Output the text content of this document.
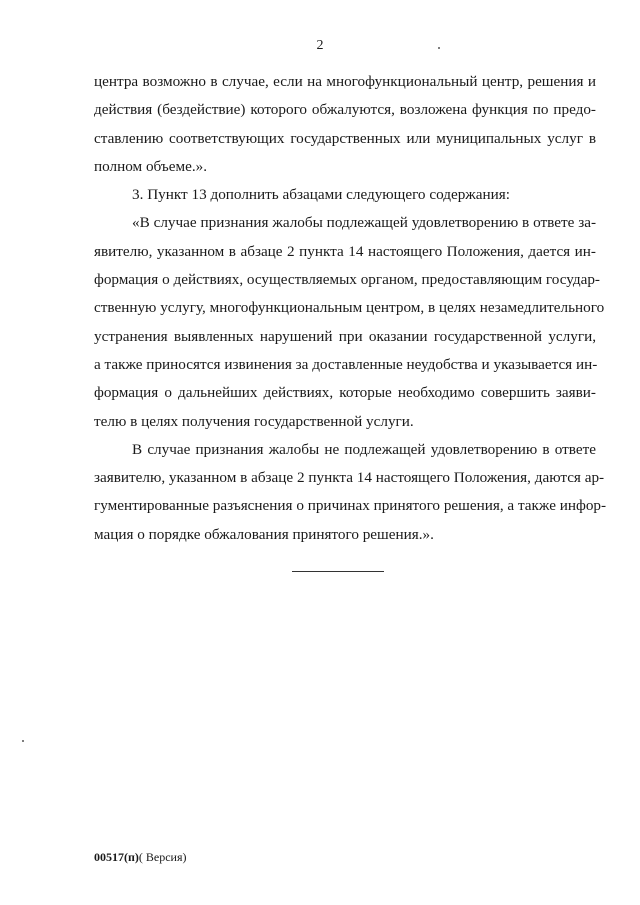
2
центра возможно в случае, если на многофункциональный центр, решения и
действия (бездействие) которого обжалуются, возложена функция по предо-
ставлению соответствующих государственных или муниципальных услуг в
полном объеме.».
3. Пункт 13 дополнить абзацами следующего содержания:
«В случае признания жалобы подлежащей удовлетворению в ответе за-
явителю, указанном в абзаце 2 пункта 14 настоящего Положения, дается ин-
формация о действиях, осуществляемых органом, предоставляющим государ-
ственную услугу, многофункциональным центром, в целях незамедлительного
устранения выявленных нарушений при оказании государственной услуги,
а также приносятся извинения за доставленные неудобства и указывается ин-
формация о дальнейших действиях, которые необходимо совершить заяви-
телю в целях получения государственной услуги.
В случае признания жалобы не подлежащей удовлетворению в ответе
заявителю, указанном в абзаце 2 пункта 14 настоящего Положения, даются ар-
гументированные разъяснения о причинах принятого решения, а также инфор-
мация о порядке обжалования принятого решения.».
00517(п)( Версия)
